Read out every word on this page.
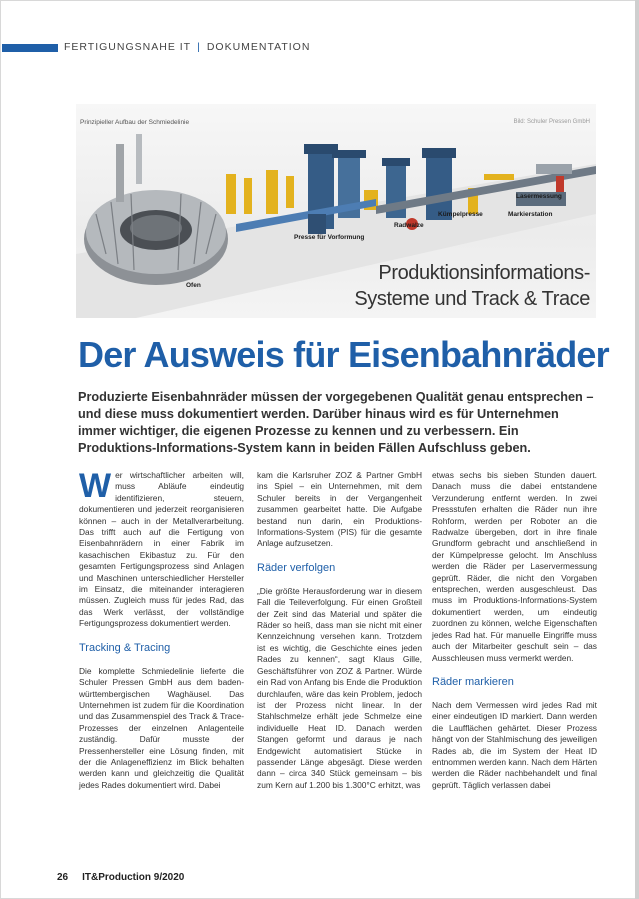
FERTIGUNGSNAHE IT | DOKUMENTATION
Prinzipieller Aufbau der Schmiedelinie	Bild: Schuler Pressen GmbH
Ofen
Presse für Vorformung
Radwalze
Kümpelpresse
Lasermessung
Markierstation
Produktionsinformations-
Systeme und Track & Trace
Der Ausweis für Eisenbahnräder

Produzierte Eisenbahnräder müssen der vorgegebenen Qualität genau entsprechen – und diese muss dokumentiert werden. Darüber hinaus wird es für Unternehmen immer wichtiger, die eigenen Prozesse zu kennen und zu verbessern. Ein Produktions-Informations-System kann in beiden Fällen Aufschluss geben.

Wer wirtschaftlicher arbeiten will, muss Abläufe eindeutig identifizieren, steuern, dokumentieren und jederzeit reorganisieren können – auch in der Metallverarbeitung. Das trifft auch auf die Fertigung von Eisenbahnrädern in einer Fabrik im kasachischen Ekibastuz zu. Für den gesamten Fertigungsprozess sind Anlagen und Maschinen unterschiedlicher Hersteller im Einsatz, die miteinander interagieren müssen. Zugleich muss für jedes Rad, das das Werk verlässt, der vollständige Fertigungsprozess dokumentiert werden.

Tracking & Tracing

Die komplette Schmiedelinie lieferte die Schuler Pressen GmbH aus dem baden-württembergischen Waghäusel. Das Unternehmen ist zudem für die Koordination und das Zusammenspiel des Track & Trace-Prozesses der einzelnen Anlagenteile zuständig. Dafür musste der Pressenhersteller eine Lösung finden, mit der die Anlageneffizienz im Blick behalten werden kann und gleichzeitig die Qualität jedes Rades dokumentiert wird. Dabei

kam die Karlsruher ZOZ & Partner GmbH ins Spiel – ein Unternehmen, mit dem Schuler bereits in der Vergangenheit zusammen gearbeitet hatte. Die Aufgabe bestand nun darin, ein Produktions-Informations-System (PIS) für die gesamte Anlage aufzusetzen.

Räder verfolgen

„Die größte Herausforderung war in diesem Fall die Teileverfolgung. Für einen Großteil der Zeit sind das Material und später die Räder so heiß, dass man sie nicht mit einer Kennzeichnung versehen kann. Trotzdem ist es wichtig, die Geschichte eines jeden Rades zu kennen“, sagt Klaus Gille, Geschäftsführer von ZOZ & Partner. Würde ein Rad von Anfang bis Ende die Produktion durchlaufen, wäre das kein Problem, jedoch ist der Prozess nicht linear. In der Stahlschmelze erhält jede Schmelze eine individuelle Heat ID. Danach werden Stangen geformt und daraus je nach Endgewicht automatisiert Stücke in passender Länge abgesägt. Diese werden dann – circa 340 Stück gemeinsam – bis zum Kern auf 1.200 bis 1.300°C erhitzt, was

etwas sechs bis sieben Stunden dauert. Danach muss die dabei entstandene Verzunderung entfernt werden. In zwei Pressstufen erhalten die Räder nun ihre Rohform, werden per Roboter an die Radwalze übergeben, dort in ihre finale Grundform gebracht und anschließend in der Kümpelpresse gelocht. Im Anschluss werden die Räder per Laservermessung geprüft. Räder, die nicht den Vorgaben entsprechen, werden ausgeschleust. Das muss im Produktions-Informations-System dokumentiert werden, um eindeutig zuordnen zu können, welche Eigenschaften jedes Rad hat. Für manuelle Eingriffe muss auch der Mitarbeiter geschult sein – das Ausschleusen muss vermerkt werden.

Räder markieren

Nach dem Vermessen wird jedes Rad mit einer eindeutigen ID markiert. Dann werden die Laufflächen gehärtet. Dieser Prozess hängt von der Stahlmischung des jeweiligen Rades ab, die im System der Heat ID entnommen werden kann. Nach dem Härten werden die Räder nachbehandelt und final geprüft. Täglich verlassen dabei

26 IT&Production 9/2020
